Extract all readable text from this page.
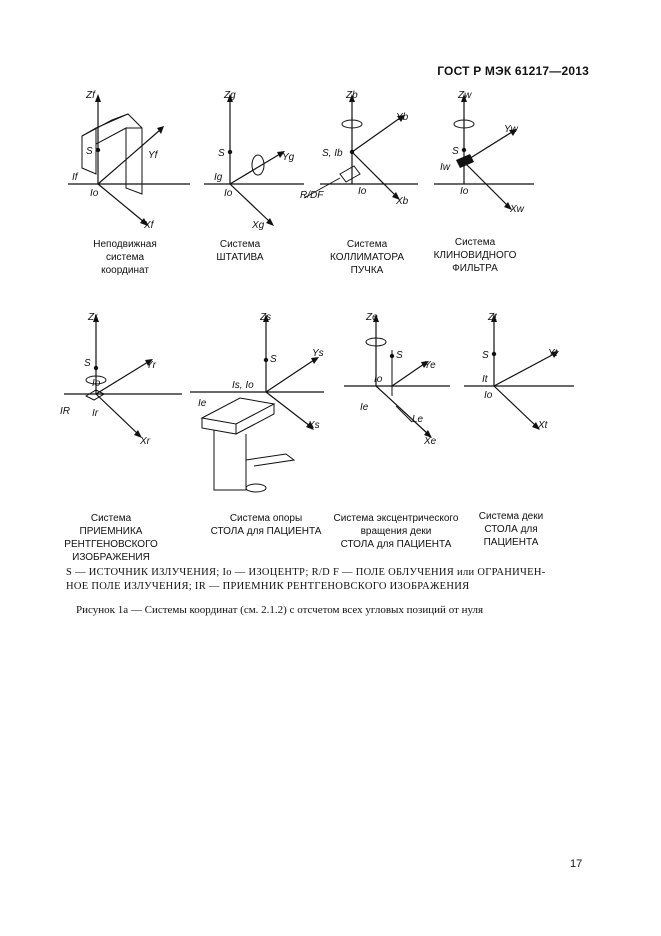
ГОСТ Р МЭК 61217—2013
Zf
Yf
Xf
S
If
Io
Неподвижная
система
координат
Zg
Yg
Xg
S
Ig
Io
Система
ШТАТИВА
Zb
Yb
Xb
S, Ib
R/DF	Io
Система
КОЛЛИМАТОРА
ПУЧКА
Zw
Yw
Xw
S
Iw
Io
Система
КЛИНОВИДНОГО
ФИЛЬТРА
Zr
Yr
Xr
S
IR Ir
Io
Система
ПРИЕМНИКА
РЕНТГЕНОВСКОГО
ИЗОБРАЖЕНИЯ
Zs
Ys
Xs
S
Is, Io
Ie
Система опоры
СТОЛА для ПАЦИЕНТА
Ze
Ye
Xe
S
Io
Ie
Le
Система эксцентрического
вращения деки
СТОЛА для ПАЦИЕНТА
Zt
Yt
Xt
S
It
Io
Система деки
СТОЛА для
ПАЦИЕНТА
S — ИСТОЧНИК ИЗЛУЧЕНИЯ; Io — ИЗОЦЕНТР; R/D F — ПОЛЕ ОБЛУЧЕНИЯ или ОГРАНИЧЕН-
НОЕ ПОЛЕ ИЗЛУЧЕНИЯ; IR — ПРИЕМНИК РЕНТГЕНОВСКОГО ИЗОБРАЖЕНИЯ
Рисунок 1а — Системы координат (см. 2.1.2) с отсчетом всех угловых позиций от нуля
17
